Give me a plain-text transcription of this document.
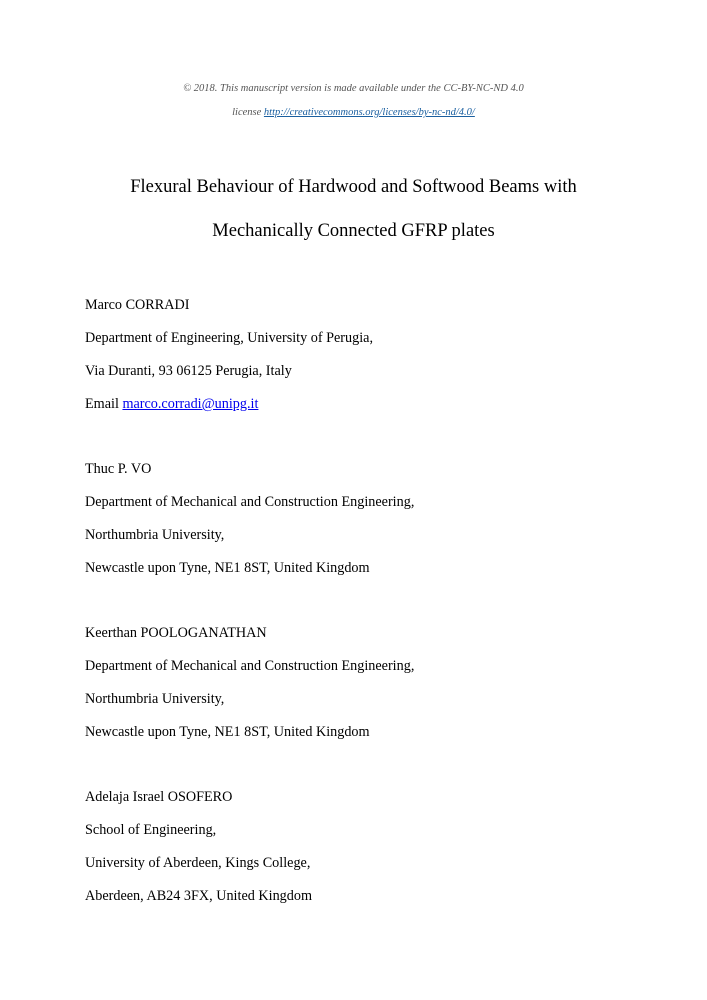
© 2018. This manuscript version is made available under the CC-BY-NC-ND 4.0
license http://creativecommons.org/licenses/by-nc-nd/4.0/
Flexural Behaviour of Hardwood and Softwood Beams with
Mechanically Connected GFRP plates
Marco CORRADI
Department of Engineering, University of Perugia,
Via Duranti, 93 06125 Perugia, Italy
Email marco.corradi@unipg.it
Thuc P. VO
Department of Mechanical and Construction Engineering,
Northumbria University,
Newcastle upon Tyne, NE1 8ST, United Kingdom
Keerthan POOLOGANATHAN
Department of Mechanical and Construction Engineering,
Northumbria University,
Newcastle upon Tyne, NE1 8ST, United Kingdom
Adelaja Israel OSOFERO
School of Engineering,
University of Aberdeen, Kings College,
Aberdeen, AB24 3FX, United Kingdom
